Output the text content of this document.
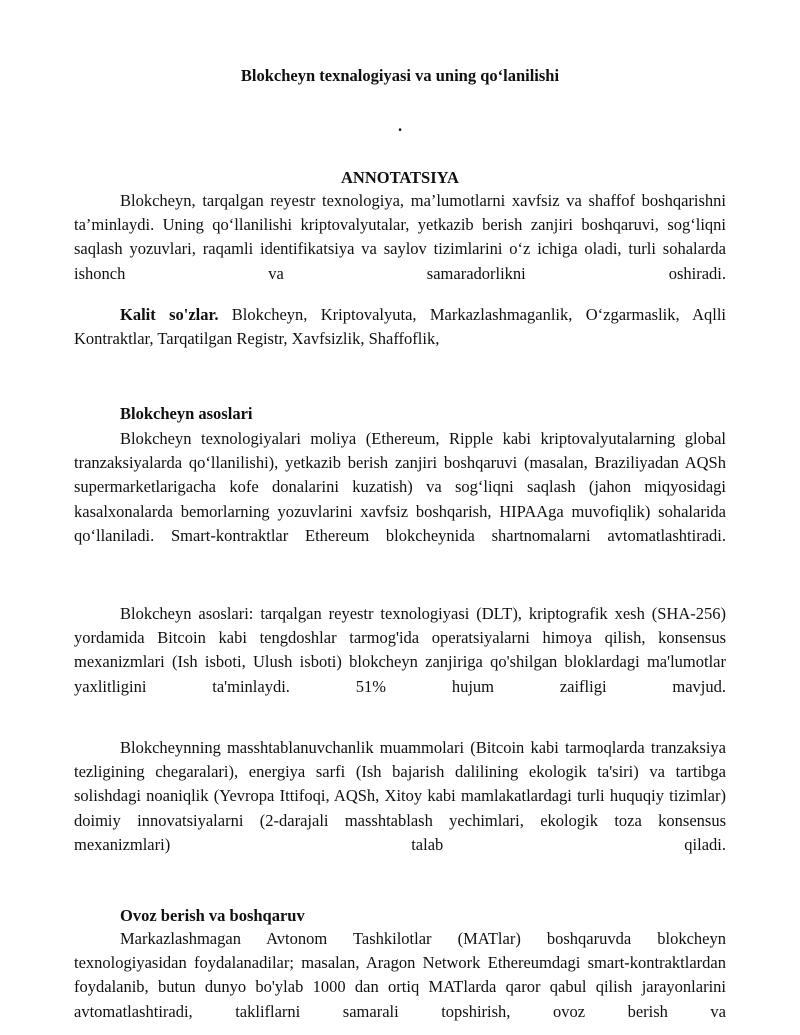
Blokcheyn texnalogiyasi va uning qo‘lanilishi
.
ANNOTATSIYA

Blokcheyn, tarqalgan reyestr texnologiya, ma’lumotlarni xavfsiz va shaffof boshqarishni ta’minlaydi. Uning qo‘llanilishi kriptovalyutalar, yetkazib berish zanjiri boshqaruvi, sog‘liqni saqlash yozuvlari, raqamli identifikatsiya va saylov tizimlarini o‘z ichiga oladi, turli sohalarda ishonch va samaradorlikni oshiradi.

Kalit so'zlar. Blokcheyn, Kriptovalyuta, Markazlashmaganlik, O‘zgarmaslik, Aqlli Kontraktlar, Tarqatilgan Registr, Xavfsizlik, Shaffoflik,

Blokcheyn asoslari

Blokcheyn texnologiyalari moliya (Ethereum, Ripple kabi kriptovalyutalarning global tranzaksiyalarda qo‘llanilishi), yetkazib berish zanjiri boshqaruvi (masalan, Braziliyadan AQSh supermarketlarigacha kofe donalarini kuzatish) va sog‘liqni saqlash (jahon miqyosidagi kasalxonalarda bemorlarning yozuvlarini xavfsiz boshqarish, HIPAAga muvofiqlik) sohalarida qo‘llaniladi. Smart-kontraktlar Ethereum blokcheynida shartnomalarni avtomatlashtiradi.

Blokcheyn asoslari: tarqalgan reyestr texnologiyasi (DLT), kriptografik xesh (SHA-256) yordamida Bitcoin kabi tengdoshlar tarmog'ida operatsiyalarni himoya qilish, konsensus mexanizmlari (Ish isboti, Ulush isboti) blokcheyn zanjiriga qo'shilgan bloklardagi ma'lumotlar yaxlitligini ta'minlaydi. 51% hujum zaifligi mavjud.

Blokcheynning masshtablanuvchanlik muammolari (Bitcoin kabi tarmoqlarda tranzaksiya tezligining chegaralari), energiya sarfi (Ish bajarish dalilining ekologik ta'siri) va tartibga solishdagi noaniqlik (Yevropa Ittifoqi, AQSh, Xitoy kabi mamlakatlardagi turli huquqiy tizimlar) doimiy innovatsiyalarni (2-darajali masshtablash yechimlari, ekologik toza konsensus mexanizmlari) talab qiladi.

Ovoz berish va boshqaruv

Markazlashmagan Avtonom Tashkilotlar (MATlar) boshqaruvda blokcheyn texnologiyasidan foydalanadilar; masalan, Aragon Network Ethereumdagi smart-kontraktlardan foydalanib, butun dunyo bo'ylab 1000 dan ortiq MATlarda qaror qabul qilish jarayonlarini avtomatlashtiradi, takliflarni samarali topshirish, ovoz berish va
